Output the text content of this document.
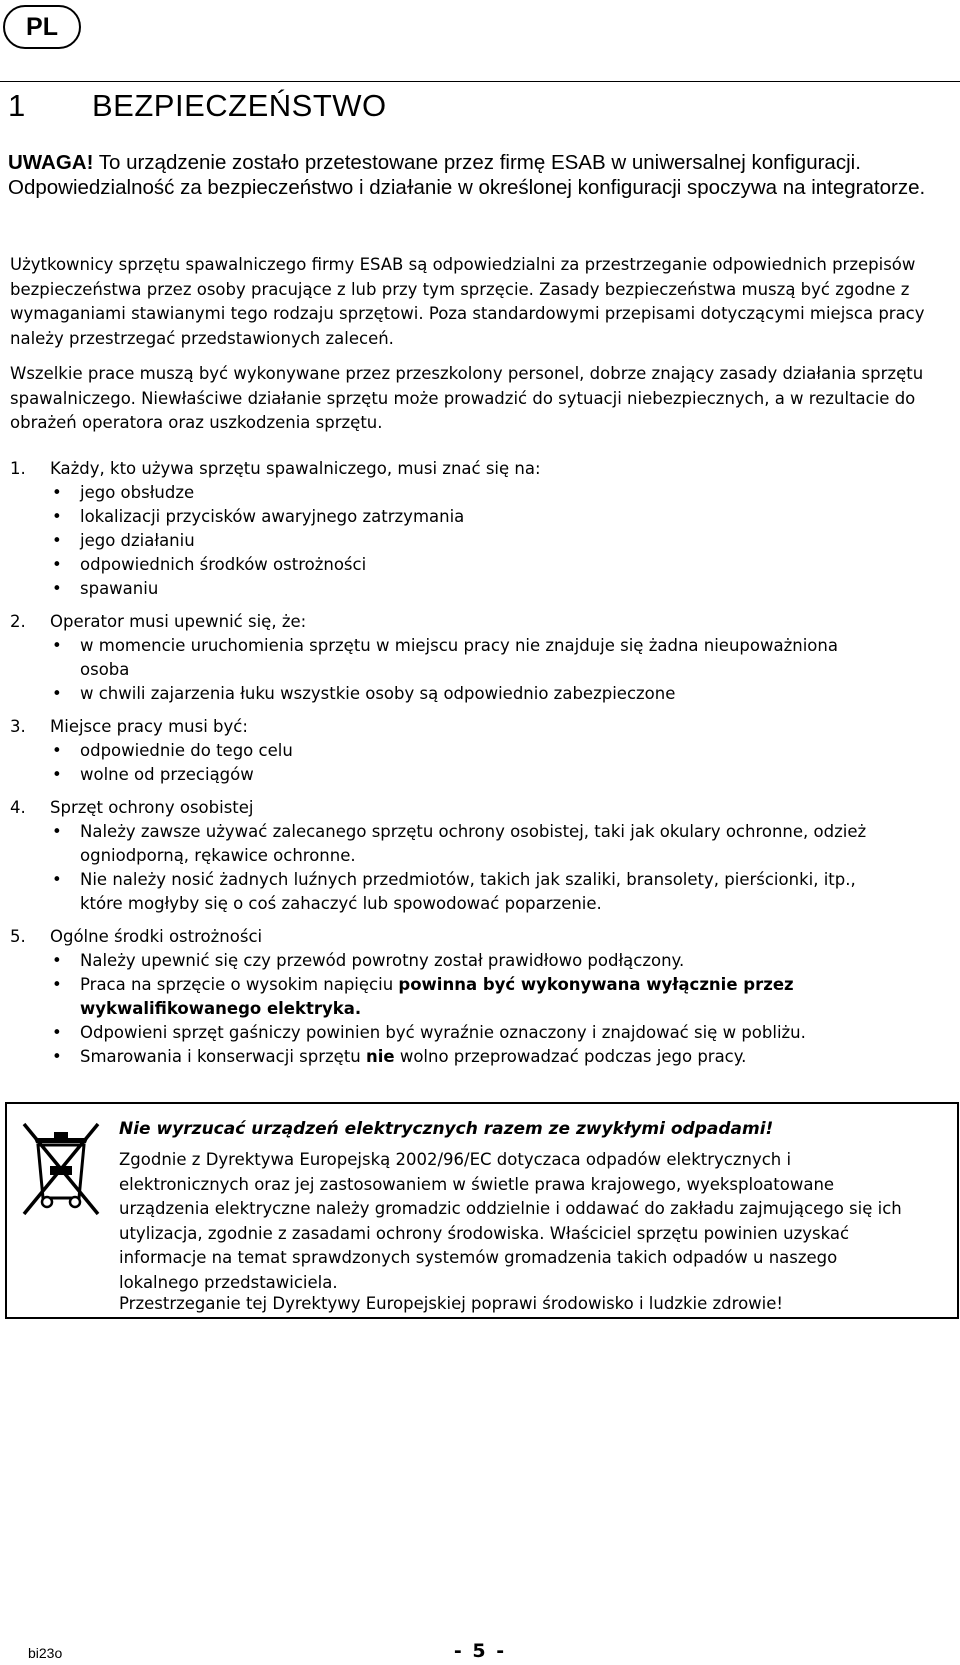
PL
1 BEZPIECZEŃSTWO
UWAGA! To urządzenie zostaɫo przetestowane przez firmę ESAB w uniwersalnej konfiguracji. Odpowiedzialność za bezpieczeństwo i dziaɫanie w określonej konfiguracji spoczywa na integratorze.
Użytkownicy sprzętu spawalniczego firmy ESAB są odpowiedzialni za przestrzeganie odpowiednich przepisów bezpieczeństwa przez osoby pracujące z lub przy tym sprzęcie. Zasady bezpieczeństwa muszą być zgodne z wymaganiami stawianymi tego rodzaju sprzętowi. Poza standardowymi przepisami dotyczącymi miejsca pracy należy przestrzegać przedstawionych zaleceń.
Wszelkie prace muszą być wykonywane przez przeszkolony personel, dobrze znający zasady działania sprzętu spawalniczego. Niewłaściwe działanie sprzętu może prowadzić do sytuacji niebezpiecznych, a w rezultacie do obrażeń operatora oraz uszkodzenia sprzętu.
1.	Każdy, kto używa sprzętu spawalniczego, musi znać się na:
•	jego obsłudze
•	lokalizacji przycisków awaryjnego zatrzymania
•	jego działaniu
•	odpowiednich środków ostrożności
•	spawaniu
2.	Operator musi upewnić się, że:
•	w momencie uruchomienia sprzętu w miejscu pracy nie znajduje się żadna nieupoważniona osoba
•	w chwili zajarzenia łuku wszystkie osoby są odpowiednio zabezpieczone
3.	Miejsce pracy musi być:
•	odpowiednie do tego celu
•	wolne od przeciągów
4.	Sprzęt ochrony osobistej
•	Należy zawsze używać zalecanego sprzętu ochrony osobistej, taki jak okulary ochronne, odzież ogniodporną, rękawice ochronne.
•	Nie należy nosić żadnych luźnych przedmiotów, takich jak szaliki, bransolety, pierścionki, itp., które mogłyby się o coś zahaczyć lub spowodować poparzenie.
5.	Ogólne środki ostrożności
•	Należy upewnić się czy przewód powrotny został prawidłowo podłączony.
•	Praca na sprzęcie o wysokim napięciu powinna być wykonywana wyłącznie przez wykwalifikowanego elektryka.
•	Odpowieni sprzęt gaśniczy powinien być wyraźnie oznaczony i znajdować się w pobliżu.
•	Smarowania i konserwacji sprzętu nie wolno przeprowadzać podczas jego pracy.
Nie wyrzucać urządzeń elektrycznych razem ze zwykłymi odpadami!
Zgodnie z Dyrektywa Europejską 2002/96/EC dotyczaca odpadów elektrycznych i elektronicznych oraz jej zastosowaniem w świetle prawa krajowego, wyeksploatowane urządzenia elektryczne należy gromadzic oddzielnie i oddawać do zakładu zajmującego się ich utylizacja, zgodnie z zasadami ochrony środowiska. Właściciel sprzętu powinien uzyskać informacje na temat sprawdzonych systemów gromadzenia takich odpadów u naszego lokalnego przedstawiciela.
Przestrzeganie tej Dyrektywy Europejskiej poprawi środowisko i ludzkie zdrowie!
bi23o	- 5 -
